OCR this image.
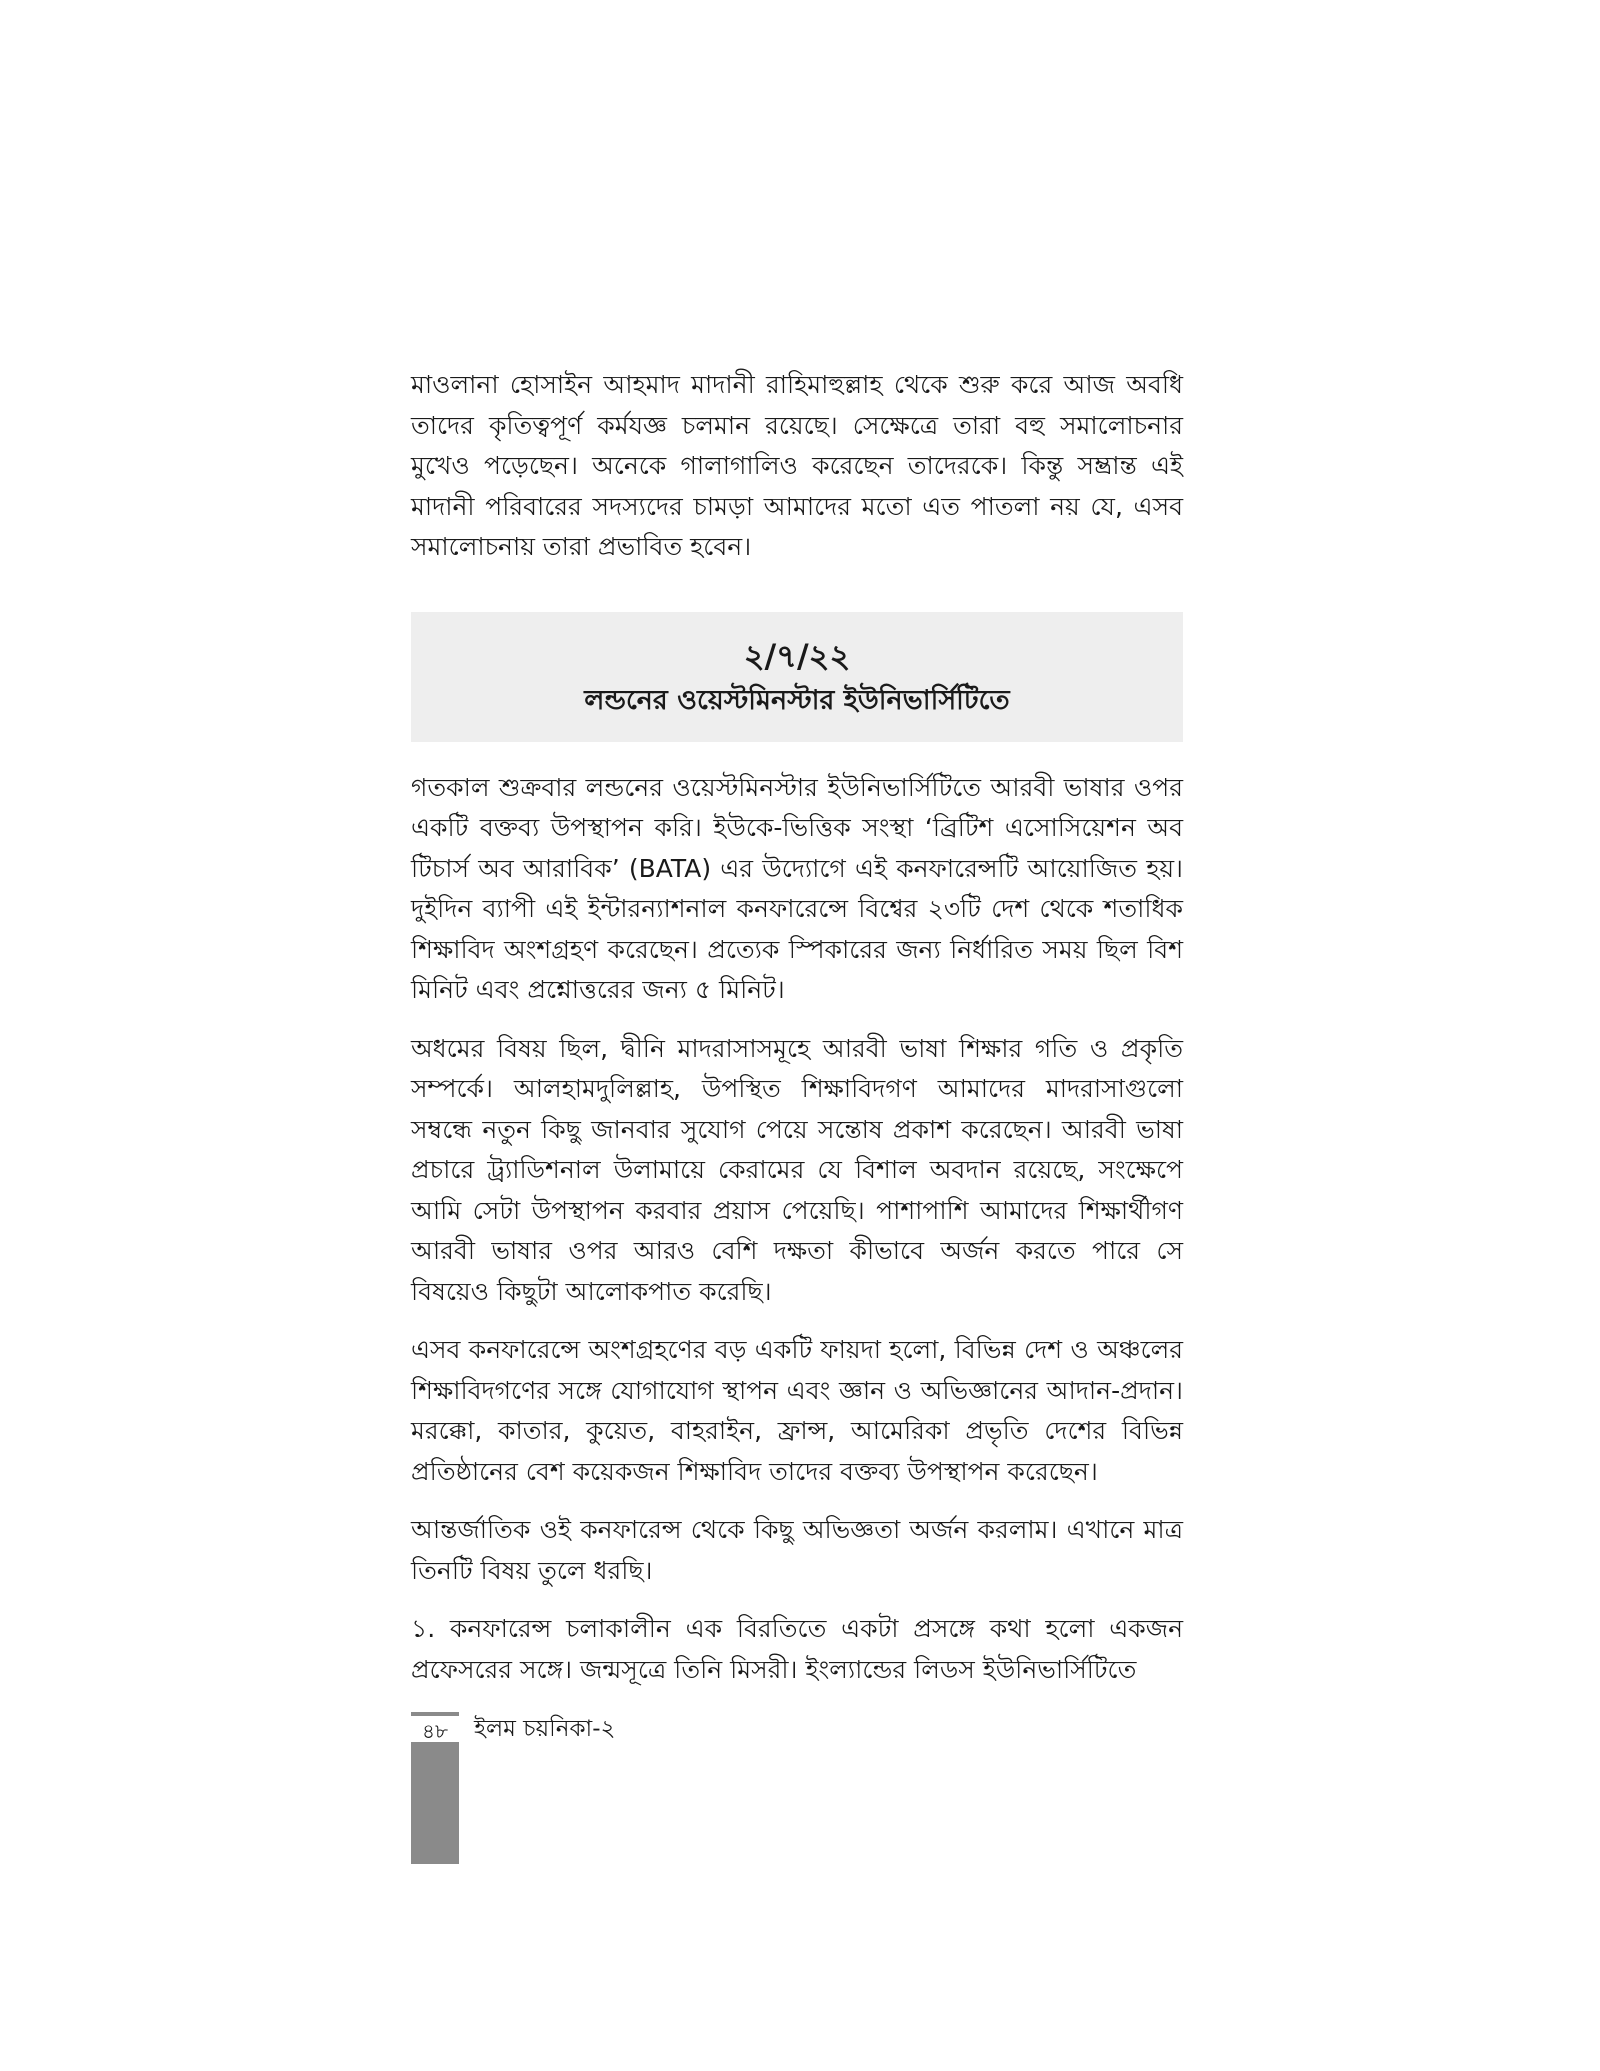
মাওলানা হোসাইন আহমাদ মাদানী রাহিমাহুল্লাহ থেকে শুরু করে আজ অবধি তাদের কৃতিত্বপূর্ণ কর্মযজ্ঞ চলমান রয়েছে। সেক্ষেত্রে তারা বহু সমালোচনার মুখেও পড়েছেন। অনেকে গালাগালিও করেছেন তাদেরকে। কিন্তু সম্ভ্রান্ত এই মাদানী পরিবারের সদস্যদের চামড়া আমাদের মতো এত পাতলা নয় যে, এসব সমালোচনায় তারা প্রভাবিত হবেন।

২/৭/২২
লন্ডনের ওয়েস্টমিনস্টার ইউনিভার্সিটিতে

গতকাল শুক্রবার লন্ডনের ওয়েস্টমিনস্টার ইউনিভার্সিটিতে আরবী ভাষার ওপর একটি বক্তব্য উপস্থাপন করি। ইউকে-ভিত্তিক সংস্থা ‘ব্রিটিশ এসোসিয়েশন অব টিচার্স অব আরাবিক’ (BATA) এর উদ্যোগে এই কনফারেন্সটি আয়োজিত হয়। দুইদিন ব্যাপী এই ইন্টারন্যাশনাল কনফারেন্সে বিশ্বের ২৩টি দেশ থেকে শতাধিক শিক্ষাবিদ অংশগ্রহণ করেছেন। প্রত্যেক স্পিকারের জন্য নির্ধারিত সময় ছিল বিশ মিনিট এবং প্রশ্নোত্তরের জন্য ৫ মিনিট।

অধমের বিষয় ছিল, দ্বীনি মাদরাসাসমূহে আরবী ভাষা শিক্ষার গতি ও প্রকৃতি সম্পর্কে। আলহামদুলিল্লাহ, উপস্থিত শিক্ষাবিদগণ আমাদের মাদরাসাগুলো সম্বন্ধে নতুন কিছু জানবার সুযোগ পেয়ে সন্তোষ প্রকাশ করেছেন। আরবী ভাষা প্রচারে ট্র্যাডিশনাল উলামায়ে কেরামের যে বিশাল অবদান রয়েছে, সংক্ষেপে আমি সেটা উপস্থাপন করবার প্রয়াস পেয়েছি। পাশাপাশি আমাদের শিক্ষার্থীগণ আরবী ভাষার ওপর আরও বেশি দক্ষতা কীভাবে অর্জন করতে পারে সে বিষয়েও কিছুটা আলোকপাত করেছি।

এসব কনফারেন্সে অংশগ্রহণের বড় একটি ফায়দা হলো, বিভিন্ন দেশ ও অঞ্চলের শিক্ষাবিদগণের সঙ্গে যোগাযোগ স্থাপন এবং জ্ঞান ও অভিজ্ঞানের আদান-প্রদান। মরক্কো, কাতার, কুয়েত, বাহরাইন, ফ্রান্স, আমেরিকা প্রভৃতি দেশের বিভিন্ন প্রতিষ্ঠানের বেশ কয়েকজন শিক্ষাবিদ তাদের বক্তব্য উপস্থাপন করেছেন।

আন্তর্জাতিক ওই কনফারেন্স থেকে কিছু অভিজ্ঞতা অর্জন করলাম। এখানে মাত্র তিনটি বিষয় তুলে ধরছি।

১. কনফারেন্স চলাকালীন এক বিরতিতে একটা প্রসঙ্গে কথা হলো একজন প্রফেসরের সঙ্গে। জন্মসূত্রে তিনি মিসরী। ইংল্যান্ডের লিডস ইউনিভার্সিটিতে

৪৮	ইলম চয়নিকা-২
